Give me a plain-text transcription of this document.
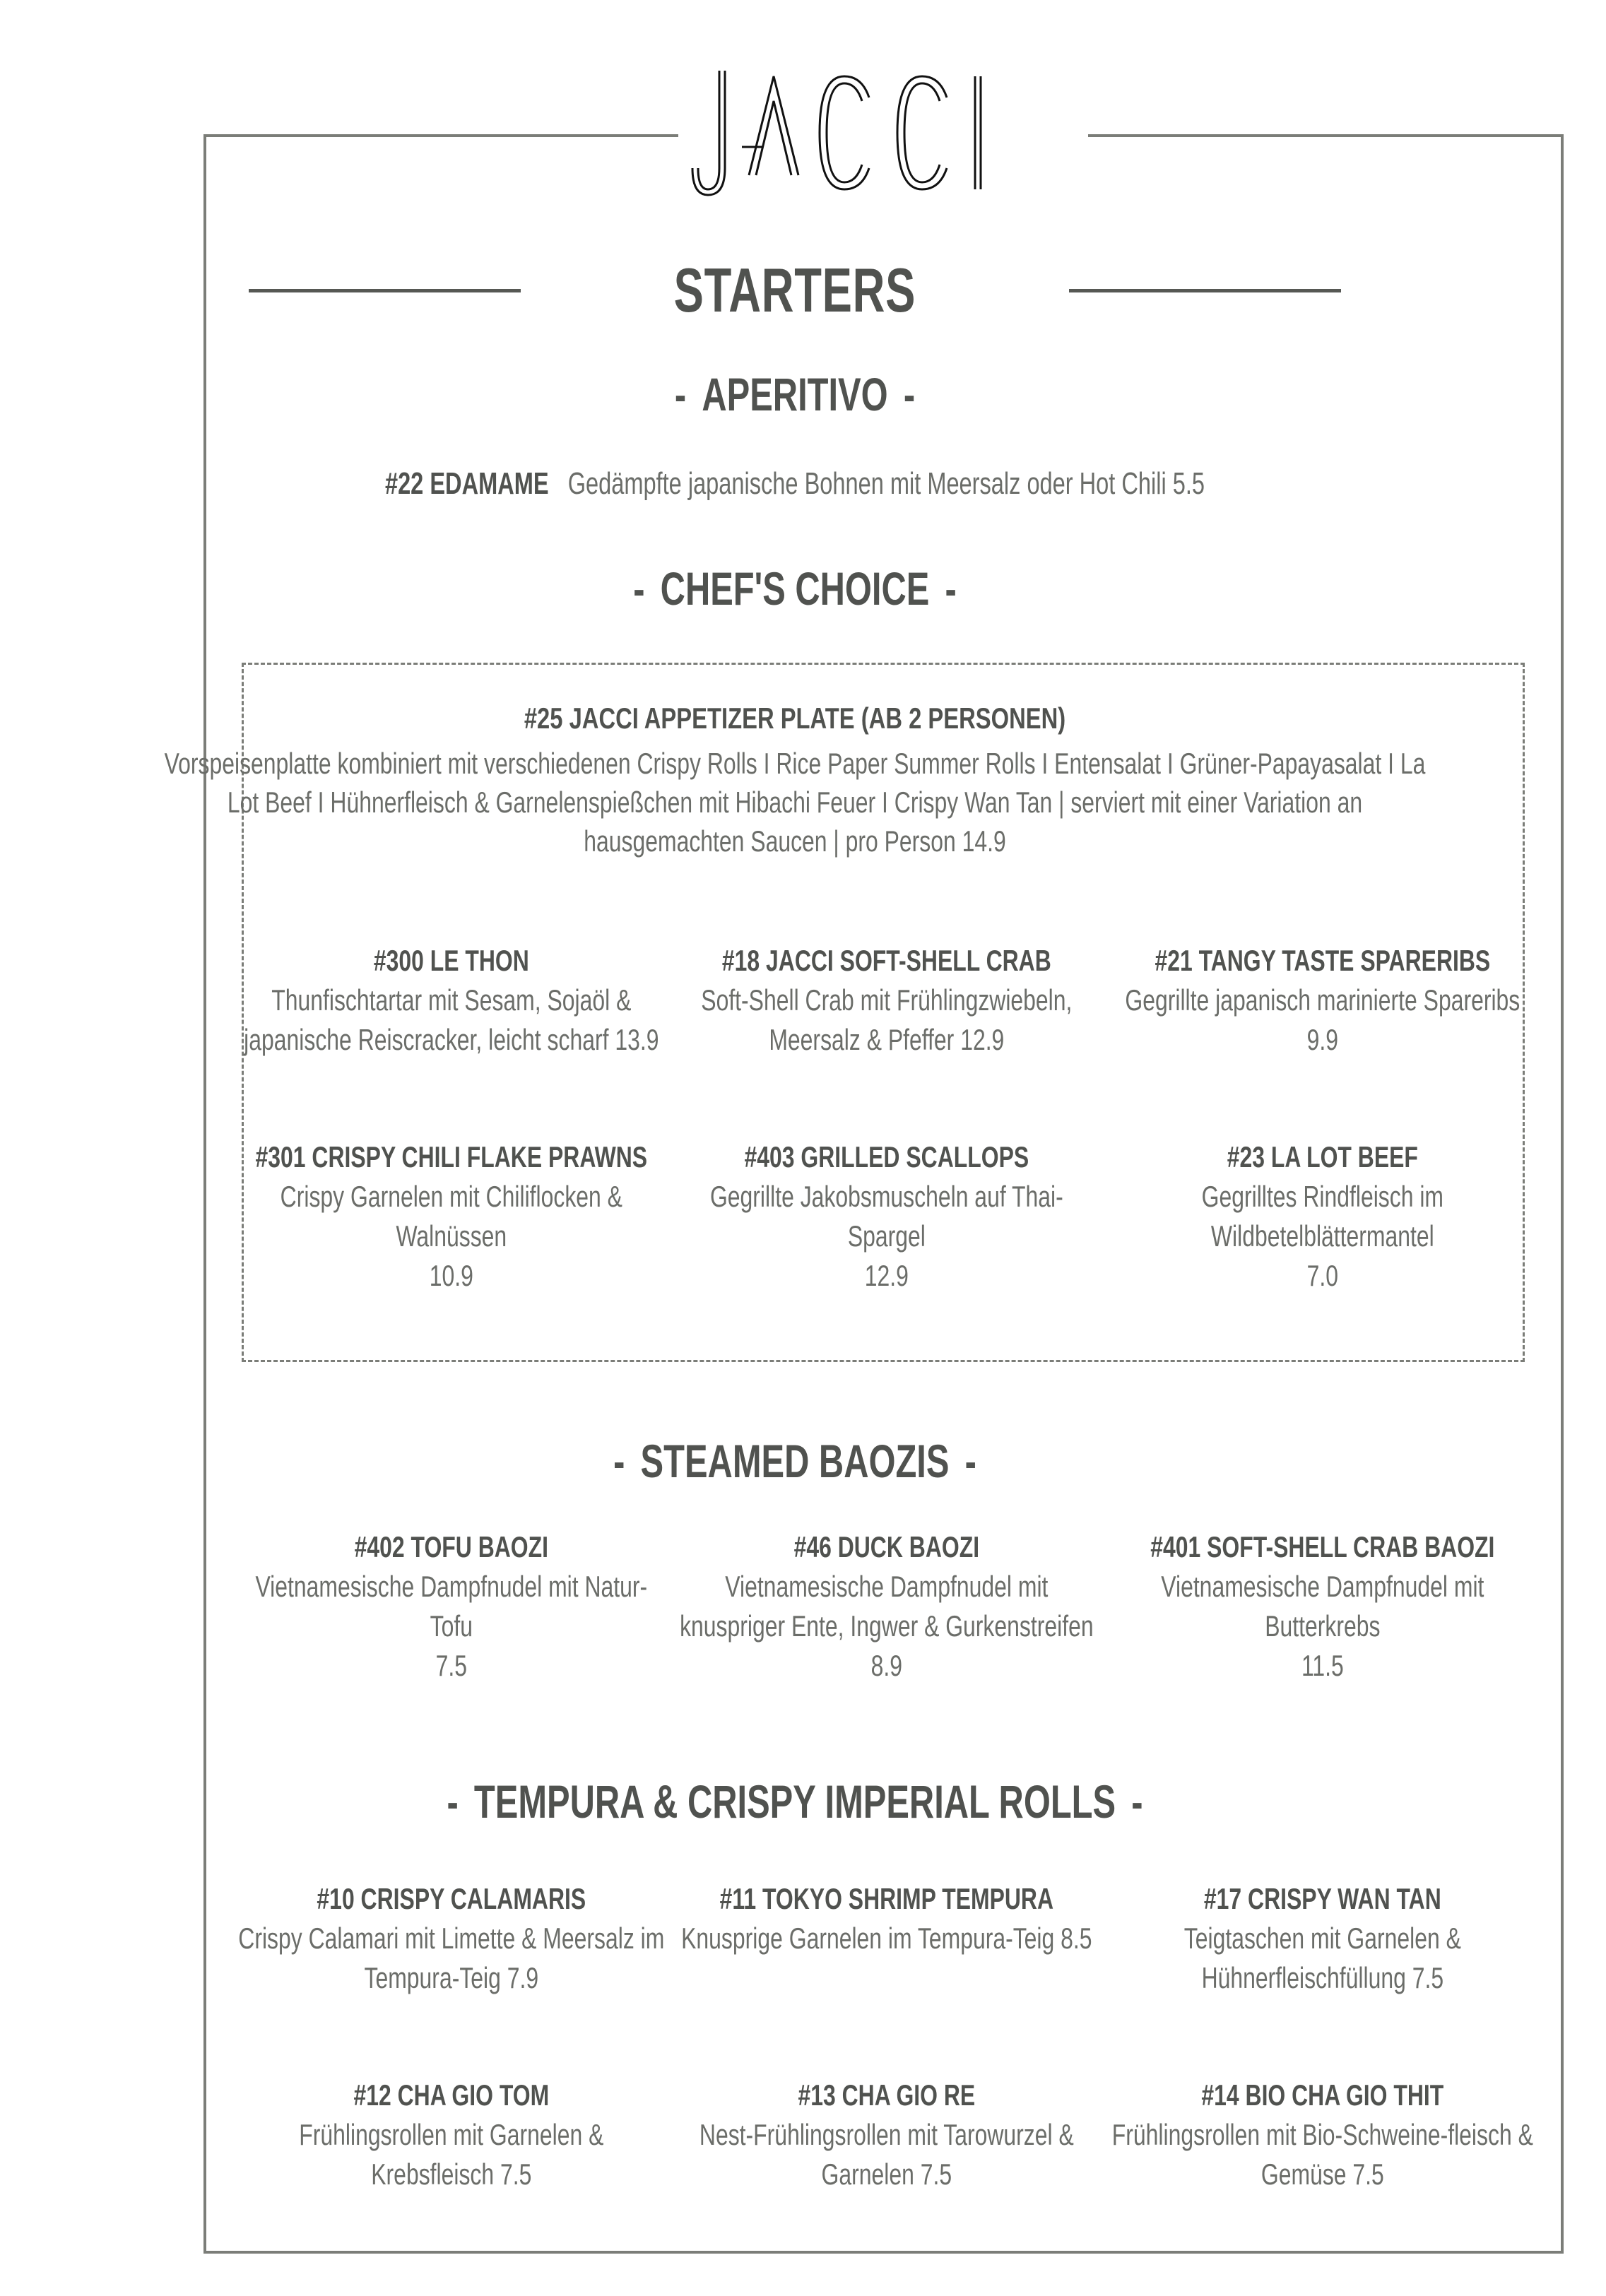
JACCI
STARTERS
- APERITIVO -
#22 EDAMAME Gedämpfte japanische Bohnen mit Meersalz oder Hot Chili 5.5
- CHEF'S CHOICE -
#25 JACCI APPETIZER PLATE (AB 2 PERSONEN)
Vorspeisenplatte kombiniert mit verschiedenen Crispy Rolls I Rice Paper Summer Rolls I Entensalat I Grüner-Papayasalat I La Lot Beef I Hühnerfleisch & Garnelenspießchen mit Hibachi Feuer I Crispy Wan Tan | serviert mit einer Variation an hausgemachten Saucen | pro Person 14.9
#300 LE THON
Thunfischtartar mit Sesam, Sojaöl & japanische Reiscracker, leicht scharf 13.9
#18 JACCI SOFT-SHELL CRAB
Soft-Shell Crab mit Frühlingzwiebeln, Meersalz & Pfeffer 12.9
#21 TANGY TASTE SPARERIBS
Gegrillte japanisch marinierte Spareribs
9.9
#301 CRISPY CHILI FLAKE PRAWNS Crispy Garnelen mit Chiliflocken & Walnüssen
10.9
#403 GRILLED SCALLOPS
Gegrillte Jakobsmuscheln auf Thai-Spargel
12.9
#23 LA LOT BEEF
Gegrilltes Rindfleisch im Wildbetelblättermantel
7.0
- STEAMED BAOZIS -
#402 TOFU BAOZI
Vietnamesische Dampfnudel mit Natur-Tofu
7.5
#46 DUCK BAOZI
Vietnamesische Dampfnudel mit knuspriger Ente, Ingwer & Gurkenstreifen 8.9
#401 SOFT-SHELL CRAB BAOZI
Vietnamesische Dampfnudel mit Butterkrebs
11.5
- TEMPURA & CRISPY IMPERIAL ROLLS -
#10 CRISPY CALAMARIS
Crispy Calamari mit Limette & Meersalz im Tempura-Teig 7.9
#11 TOKYO SHRIMP TEMPURA
Knusprige Garnelen im Tempura-Teig 8.5
#17 CRISPY WAN TAN
Teigtaschen mit Garnelen & Hühnerfleischfüllung 7.5
#12 CHA GIO TOM
Frühlingsrollen mit Garnelen & Krebsfleisch 7.5
#13 CHA GIO RE
Nest-Frühlingsrollen mit Tarowurzel & Garnelen 7.5
#14 BIO CHA GIO THIT
Frühlingsrollen mit Bio-Schweine-fleisch & Gemüse 7.5
